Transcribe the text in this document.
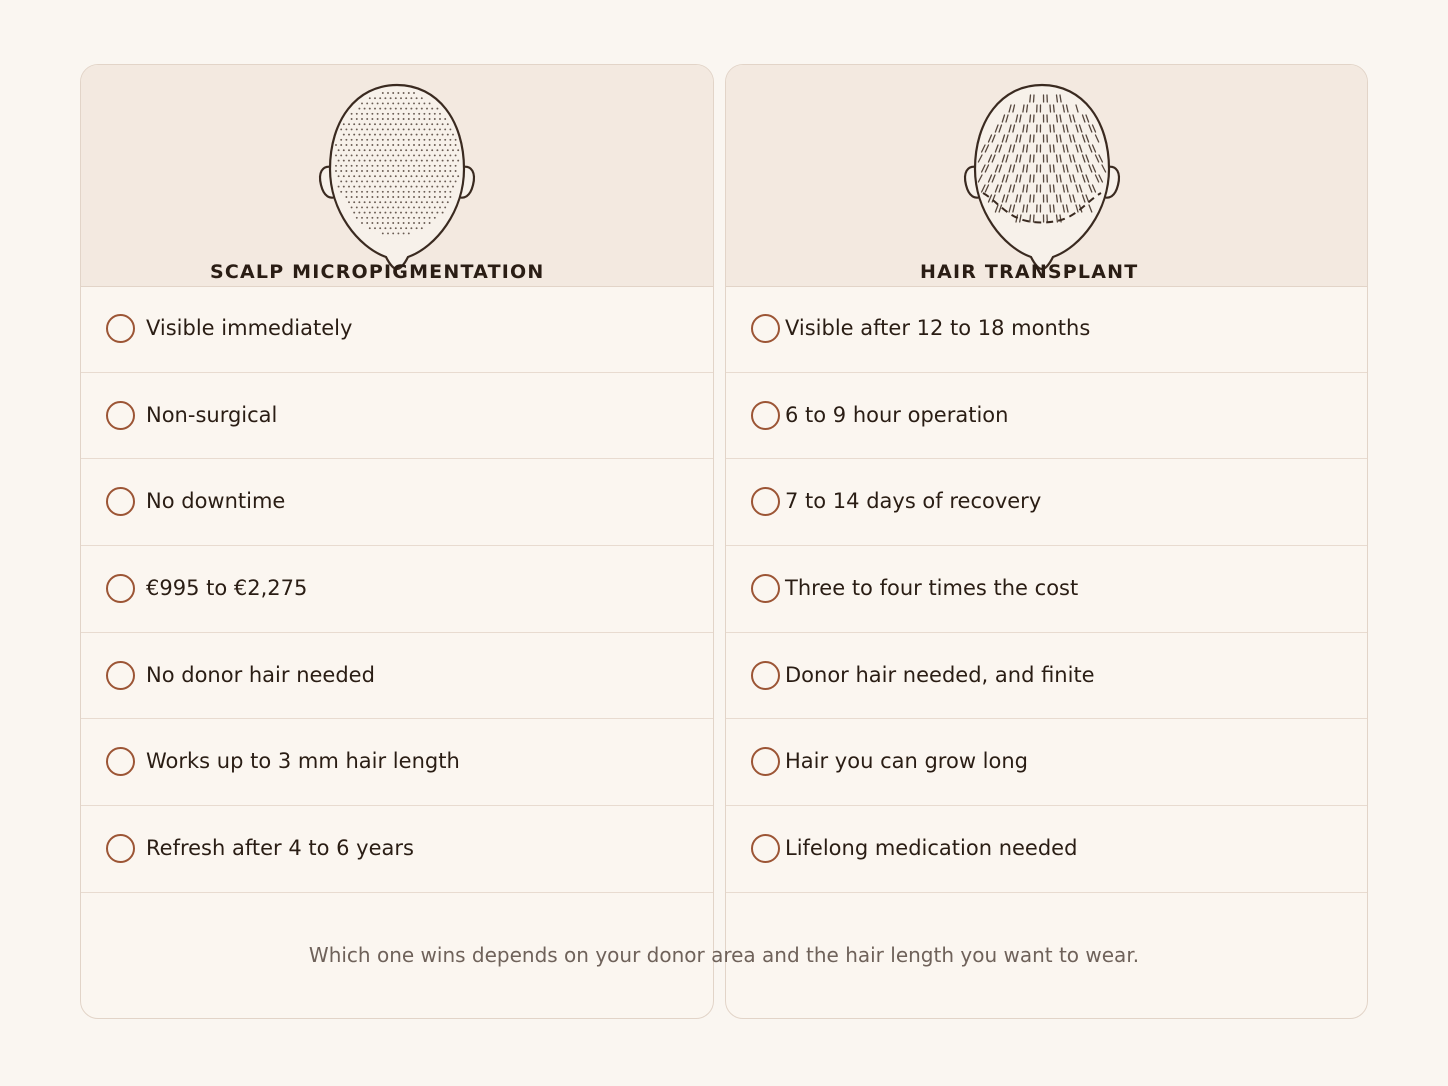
SCALP MICROPIGMENTATION
Visible immediately
Non-surgical
No downtime
€995 to €2,275
No donor hair needed
Works up to 3 mm hair length
Refresh after 4 to 6 years
HAIR TRANSPLANT
Visible after 12 to 18 months
6 to 9 hour operation
7 to 14 days of recovery
Three to four times the cost
Donor hair needed, and finite
Hair you can grow long
Lifelong medication needed

Which one wins depends on your donor area and the hair length you want to wear.
